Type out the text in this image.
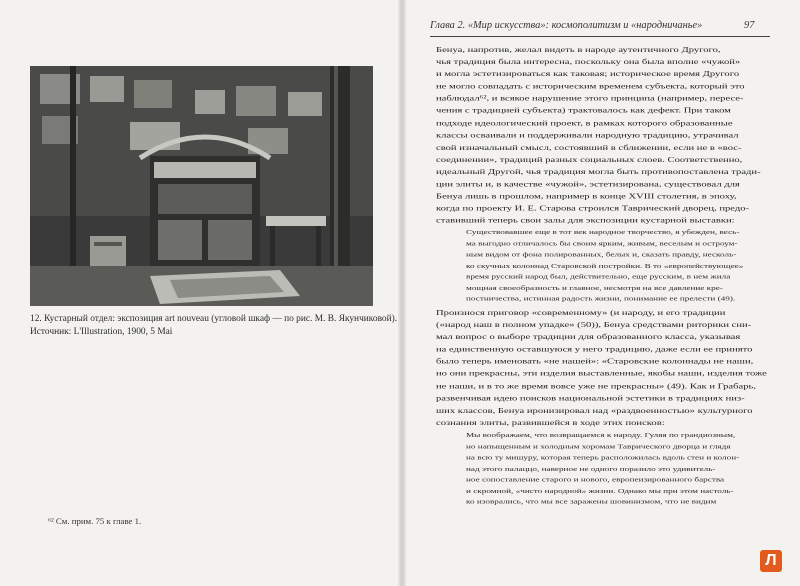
12. Кустарный отдел: экспозиция art nouveau (угловой шкаф — по рис. М. В. Якунчиковой).
Источник: L'Illustration, 1900, 5 Mai
Глава 2. «Мир искусства»: космополитизм и «народничанье»	97
Бенуа, напротив, желал видеть в народе аутентичного Другого,
чья традиция была интересна, поскольку она была вполне «чужой»
и могла эстетизироваться как таковая; историческое время Другого
не могло совпадать с историческим временем субъекта, который это
наблюдал⁶², и всякое нарушение этого принципа (например, пересе-
чения с традицией субъекта) трактовалось как дефект. При таком
подходе идеологический проект, в рамках которого образованные
классы осваивали и поддерживали народную традицию, утрачивал
свой изначальный смысл, состоявший в сближении, если не в «вос-
соединении», традиций разных социальных слоев. Соответственно,
идеальный Другой, чья традиция могла быть противопоставлена тради-
ции элиты и, в качестве «чужой», эстетизирована, существовал для
Бенуа лишь в прошлом, например в конце XVIII столетия, в эпоху,
когда по проекту И. Е. Старова строился Таврический дворец, предо-
ставивший теперь свои залы для экспозиции кустарной выставки:
Существовавшее еще в тот век народное творчество, я убежден, весь-
ма выгодно отличалось бы своим ярким, живым, веселым и остроум-
ным видом от фона полированных, белых и, сказать правду, несколь-
ко скучных колоннад Старовской постройки. В то «европействующее»
время русский народ был, действительно, еще русским, в нем жила
мощная своеобразность и главное, несмотря на все давление кре-
постничества, истинная радость жизни, понимание ее прелести (49).
Произнося приговор «современному» (и народу, и его традиции
(«народ наш в полном упадке» (50)), Бенуа средствами риторики сни-
мал вопрос о выборе традиции для образованного класса, указывая
на единственную оставшуюся у него традицию, даже если ее принято
было теперь именовать «не нашей»: «Старовские колоннады не наши,
но они прекрасны, эти изделия выставленные, якобы наши, изделия тоже
не наши, и в то же время вовсе уже не прекрасны» (49). Как и Грабарь,
развенчивая идею поисков национальной эстетики в традициях низ-
ших классов, Бенуа иронизировал над «раздвоенностью» культурного
сознания элиты, развившейся в ходе этих поисков:
Мы воображаем, что возвращаемся к народу. Гуляя по грандиозным,
но напыщенным и холодным хоромам Таврического дворца и глядя
на всю ту мишуру, которая теперь расположилась вдоль стен и колон-
над этого палаццо, наверное не одного поразило это удивитель-
ное сопоставление старого и нового, европеизированного барства
и скромной, «чисто народной» жизни. Однако мы при этом настоль-
ко изоврались, что мы все заражены шовинизмом, что не видим
⁶² См. прим. 75 к главе 1.
Л
